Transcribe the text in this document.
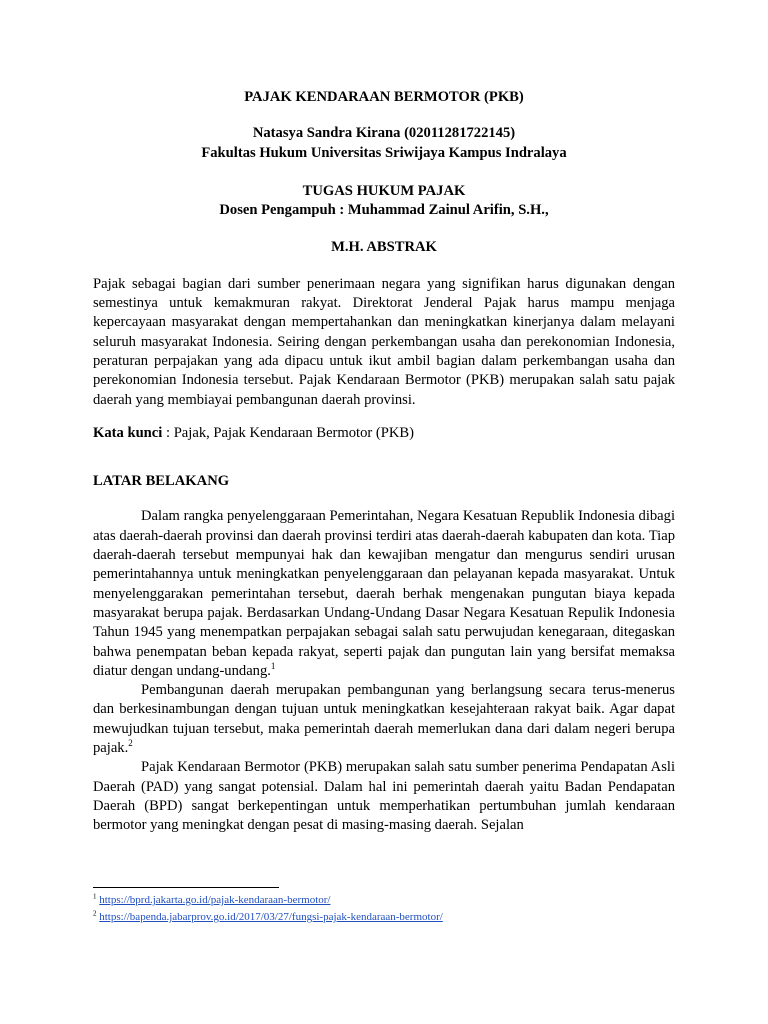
PAJAK KENDARAAN BERMOTOR (PKB)
Natasya Sandra Kirana (02011281722145)
Fakultas Hukum Universitas Sriwijaya Kampus Indralaya
TUGAS HUKUM PAJAK
Dosen Pengampuh : Muhammad Zainul Arifin, S.H.,
M.H. ABSTRAK
Pajak sebagai bagian dari sumber penerimaan negara yang signifikan harus digunakan dengan semestinya untuk kemakmuran rakyat. Direktorat Jenderal Pajak harus mampu menjaga kepercayaan masyarakat dengan mempertahankan dan meningkatkan kinerjanya dalam melayani seluruh masyarakat Indonesia. Seiring dengan perkembangan usaha dan perekonomian Indonesia, peraturan perpajakan yang ada dipacu untuk ikut ambil bagian dalam perkembangan usaha dan perekonomian Indonesia tersebut. Pajak Kendaraan Bermotor (PKB) merupakan salah satu pajak daerah yang membiayai pembangunan daerah provinsi.
Kata kunci : Pajak, Pajak Kendaraan Bermotor (PKB)
LATAR BELAKANG

Dalam rangka penyelenggaraan Pemerintahan, Negara Kesatuan Republik Indonesia dibagi atas daerah-daerah provinsi dan daerah provinsi terdiri atas daerah-daerah kabupaten dan kota. Tiap daerah-daerah tersebut mempunyai hak dan kewajiban mengatur dan mengurus sendiri urusan pemerintahannya untuk meningkatkan penyelenggaraan dan pelayanan kepada masyarakat. Untuk menyelenggarakan pemerintahan tersebut, daerah berhak mengenakan pungutan biaya kepada masyarakat berupa pajak. Berdasarkan Undang-Undang Dasar Negara Kesatuan Repulik Indonesia Tahun 1945 yang menempatkan perpajakan sebagai salah satu perwujudan kenegaraan, ditegaskan bahwa penempatan beban kepada rakyat, seperti pajak dan pungutan lain yang bersifat memaksa diatur dengan undang-undang.$^1$

Pembangunan daerah merupakan pembangunan yang berlangsung secara terus-menerus dan berkesinambungan dengan tujuan untuk meningkatkan kesejahteraan rakyat baik. Agar dapat mewujudkan tujuan tersebut, maka pemerintah daerah memerlukan dana dari dalam negeri berupa pajak.$^2$

Pajak Kendaraan Bermotor (PKB) merupakan salah satu sumber penerima Pendapatan Asli Daerah (PAD) yang sangat potensial. Dalam hal ini pemerintah daerah yaitu Badan Pendapatan Daerah (BPD) sangat berkepentingan untuk memperhatikan pertumbuhan jumlah kendaraan bermotor yang meningkat dengan pesat di masing-masing daerah. Sejalan

$^1$ https://bprd.jakarta.go.id/pajak-kendaraan-bermotor/
$^2$ https://bapenda.jabarprov.go.id/2017/03/27/fungsi-pajak-kendaraan-bermotor/
